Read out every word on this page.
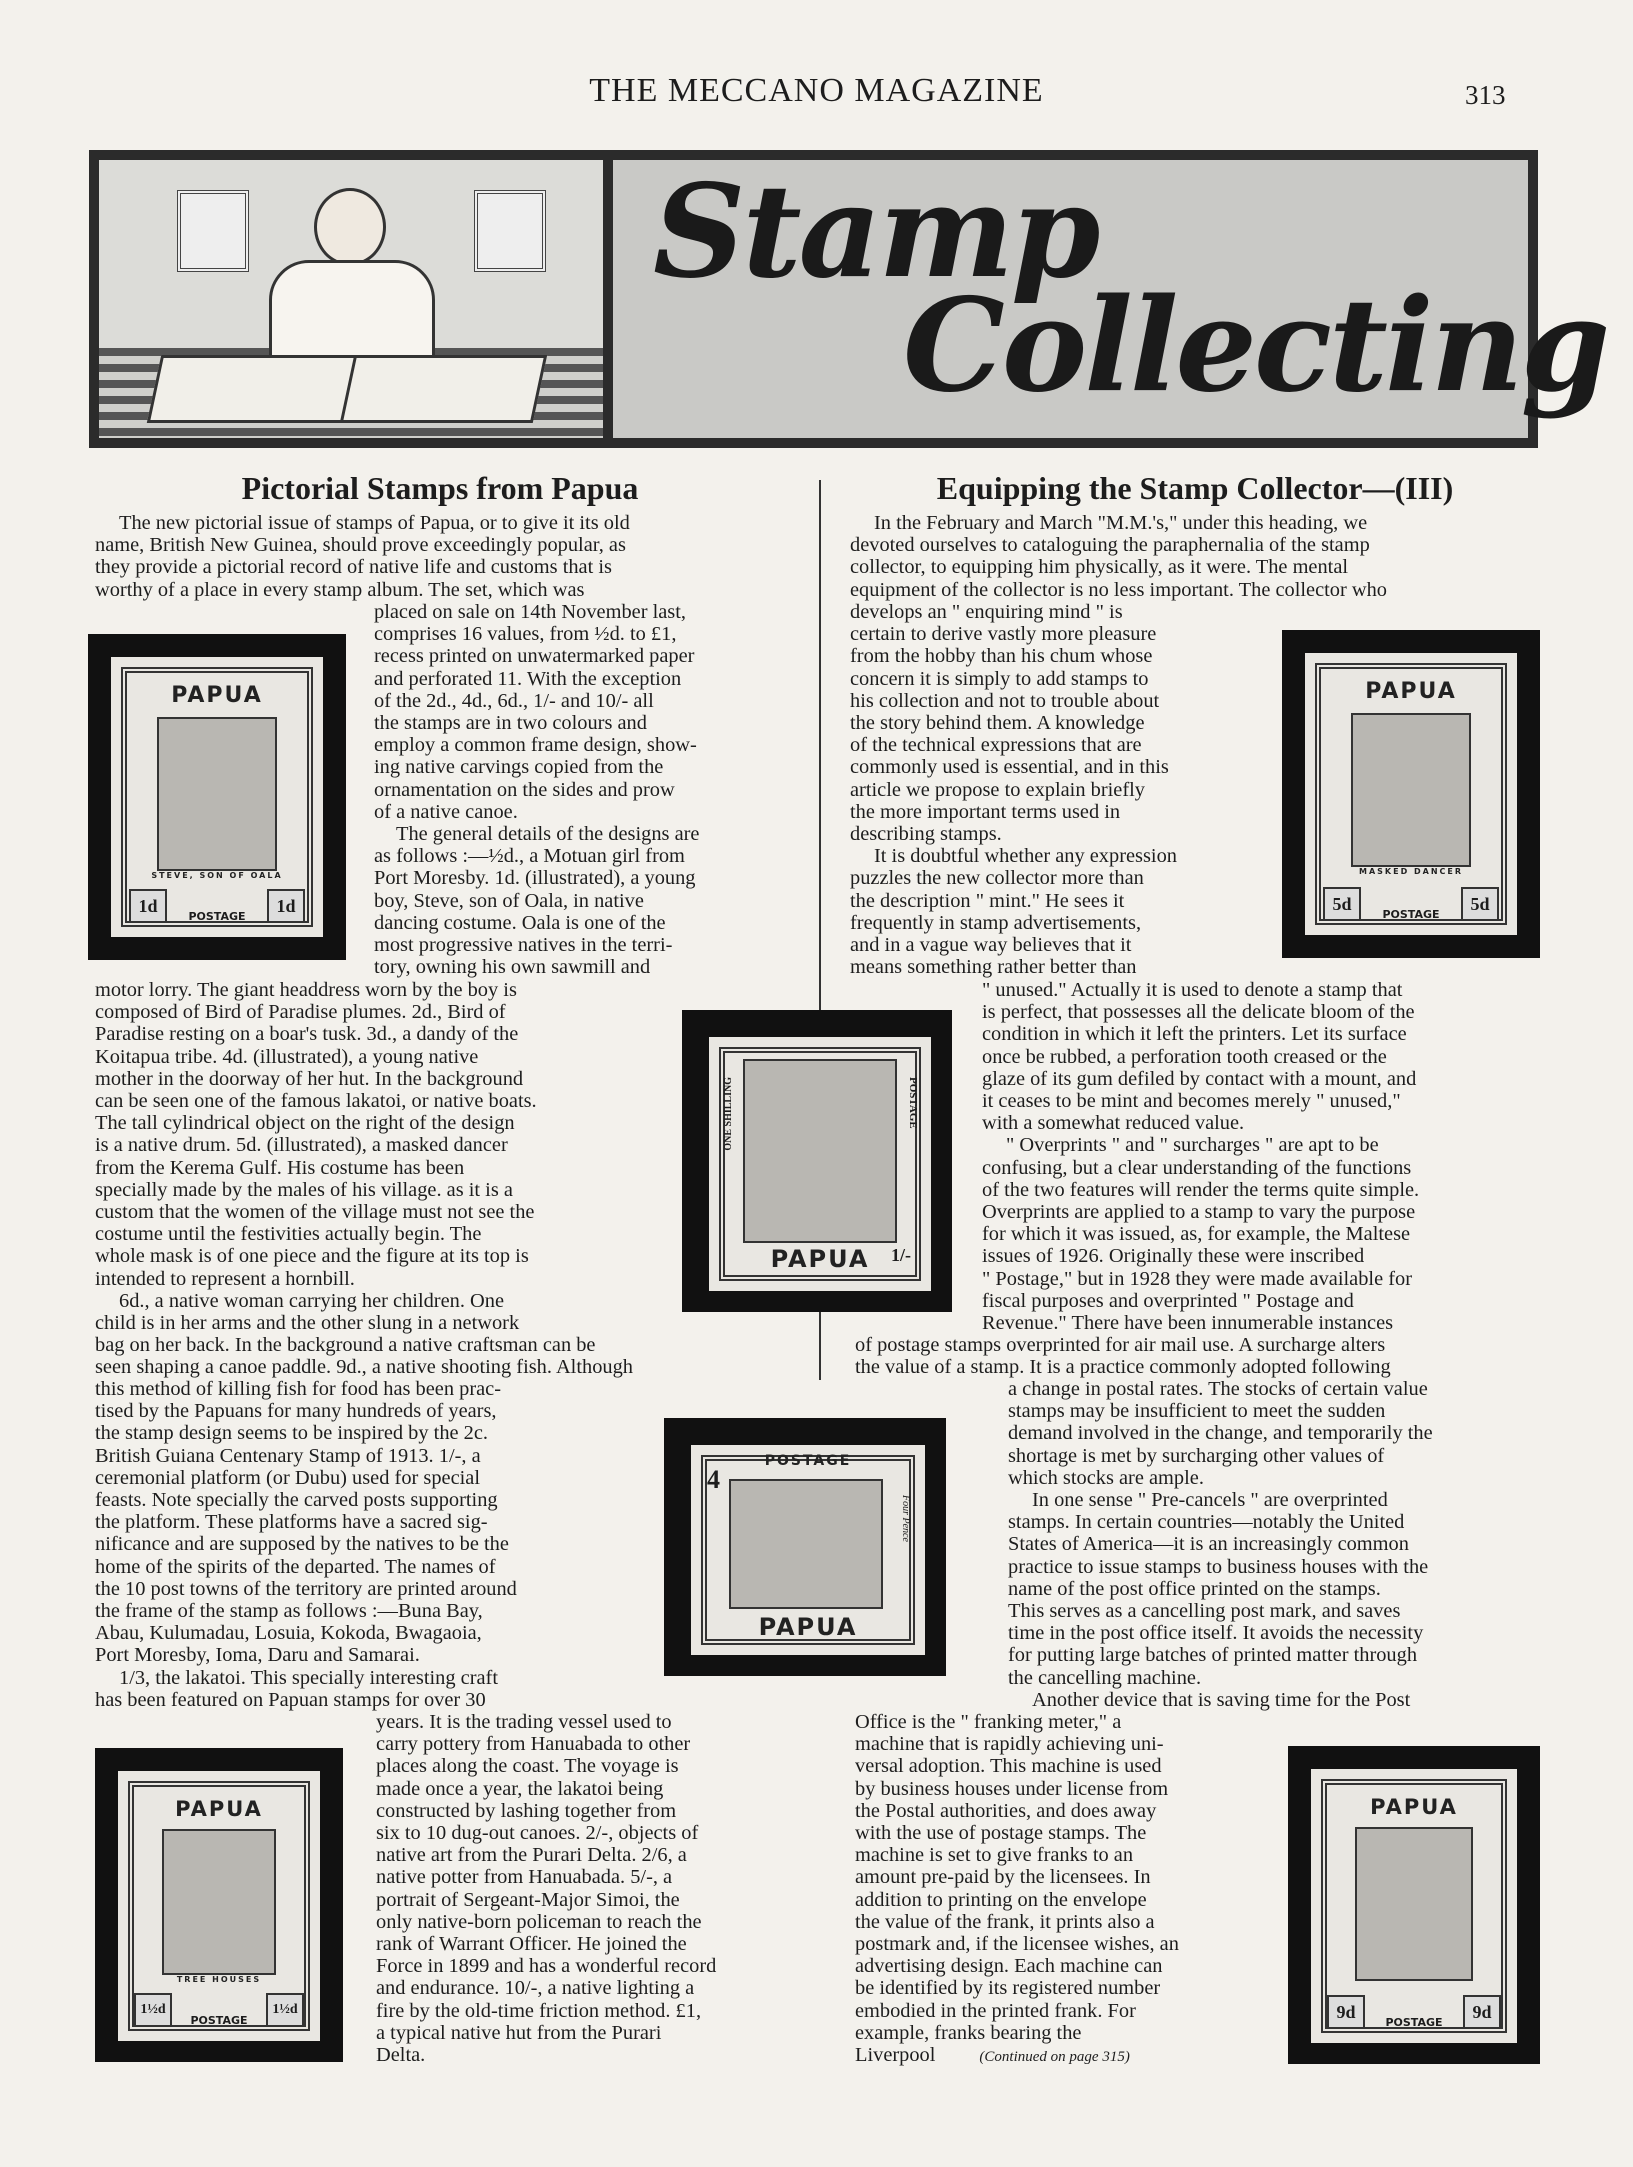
THE MECCANO MAGAZINE	313
Stamp
Collecting
Pictorial Stamps from Papua	Equipping the Stamp Collector—(III)
PAPUA
STEVE, SON OF OALA
1d	1d
POSTAGE
PAPUA
ONE SHILLING	POSTAGE
1/-
POSTAGE
4
Four Pence
PAPUA
PAPUA
TREE HOUSES
1½d	1½d
POSTAGE
PAPUA
MASKED DANCER
5d	5d
POSTAGE
PAPUA
9d	9d
POSTAGE
The new pictorial issue of stamps of Papua, or to give it its old
name, British New Guinea, should prove exceedingly popular, as
they provide a pictorial record of native life and customs that is
worthy of a place in every stamp album. The set, which was
placed on sale on 14th November last,
comprises 16 values, from ½d. to £1,
recess printed on unwatermarked paper
and perforated 11. With the exception
of the 2d., 4d., 6d., 1/- and 10/- all
the stamps are in two colours and
employ a common frame design, show-
ing native carvings copied from the
ornamentation on the sides and prow
of a native canoe.
The general details of the designs are
as follows :—½d., a Motuan girl from
Port Moresby. 1d. (illustrated), a young
boy, Steve, son of Oala, in native
dancing costume. Oala is one of the
most progressive natives in the terri-
tory, owning his own sawmill and
motor lorry. The giant headdress worn by the boy is
composed of Bird of Paradise plumes. 2d., Bird of
Paradise resting on a boar's tusk. 3d., a dandy of the
Koitapua tribe. 4d. (illustrated), a young native
mother in the doorway of her hut. In the background
can be seen one of the famous lakatoi, or native boats.
The tall cylindrical object on the right of the design
is a native drum. 5d. (illustrated), a masked dancer
from the Kerema Gulf. His costume has been
specially made by the males of his village. as it is a
custom that the women of the village must not see the
costume until the festivities actually begin. The
whole mask is of one piece and the figure at its top is
intended to represent a hornbill.
6d., a native woman carrying her children. One
child is in her arms and the other slung in a network
bag on her back. In the background a native craftsman can be
seen shaping a canoe paddle. 9d., a native shooting fish. Although
this method of killing fish for food has been prac-
tised by the Papuans for many hundreds of years,
the stamp design seems to be inspired by the 2c.
British Guiana Centenary Stamp of 1913. 1/-, a
ceremonial platform (or Dubu) used for special
feasts. Note specially the carved posts supporting
the platform. These platforms have a sacred sig-
nificance and are supposed by the natives to be the
home of the spirits of the departed. The names of
the 10 post towns of the territory are printed around
the frame of the stamp as follows :—Buna Bay,
Abau, Kulumadau, Losuia, Kokoda, Bwagaoia,
Port Moresby, Ioma, Daru and Samarai.
1/3, the lakatoi. This specially interesting craft
has been featured on Papuan stamps for over 30
years. It is the trading vessel used to
carry pottery from Hanuabada to other
places along the coast. The voyage is
made once a year, the lakatoi being
constructed by lashing together from
six to 10 dug-out canoes. 2/-, objects of
native art from the Purari Delta. 2/6, a
native potter from Hanuabada. 5/-, a
portrait of Sergeant-Major Simoi, the
only native-born policeman to reach the
rank of Warrant Officer. He joined the
Force in 1899 and has a wonderful record
and endurance. 10/-, a native lighting a
fire by the old-time friction method. £1,
a typical native hut from the Purari
Delta.
In the February and March "M.M.'s," under this heading, we
devoted ourselves to cataloguing the paraphernalia of the stamp
collector, to equipping him physically, as it were. The mental
equipment of the collector is no less important. The collector who
develops an " enquiring mind " is
certain to derive vastly more pleasure
from the hobby than his chum whose
concern it is simply to add stamps to
his collection and not to trouble about
the story behind them. A knowledge
of the technical expressions that are
commonly used is essential, and in this
article we propose to explain briefly
the more important terms used in
describing stamps.
It is doubtful whether any expression
puzzles the new collector more than
the description " mint." He sees it
frequently in stamp advertisements,
and in a vague way believes that it
means something rather better than
" unused." Actually it is used to denote a stamp that
is perfect, that possesses all the delicate bloom of the
condition in which it left the printers. Let its surface
once be rubbed, a perforation tooth creased or the
glaze of its gum defiled by contact with a mount, and
it ceases to be mint and becomes merely " unused,"
with a somewhat reduced value.
" Overprints " and " surcharges " are apt to be
confusing, but a clear understanding of the functions
of the two features will render the terms quite simple.
Overprints are applied to a stamp to vary the purpose
for which it was issued, as, for example, the Maltese
issues of 1926. Originally these were inscribed
" Postage," but in 1928 they were made available for
fiscal purposes and overprinted " Postage and
Revenue." There have been innumerable instances
of postage stamps overprinted for air mail use. A surcharge alters
the value of a stamp. It is a practice commonly adopted following
a change in postal rates. The stocks of certain value
stamps may be insufficient to meet the sudden
demand involved in the change, and temporarily the
shortage is met by surcharging other values of
which stocks are ample.
In one sense " Pre-cancels " are overprinted
stamps. In certain countries—notably the United
States of America—it is an increasingly common
practice to issue stamps to business houses with the
name of the post office printed on the stamps.
This serves as a cancelling post mark, and saves
time in the post office itself. It avoids the necessity
for putting large batches of printed matter through
the cancelling machine.
Another device that is saving time for the Post
Office is the " franking meter," a
machine that is rapidly achieving uni-
versal adoption. This machine is used
by business houses under license from
the Postal authorities, and does away
with the use of postage stamps. The
machine is set to give franks to an
amount pre-paid by the licensees. In
addition to printing on the envelope
the value of the frank, it prints also a
postmark and, if the licensee wishes, an
advertising design. Each machine can
be identified by its registered number
embodied in the printed frank. For
example, franks bearing the Liverpool	(Continued on page 315)
